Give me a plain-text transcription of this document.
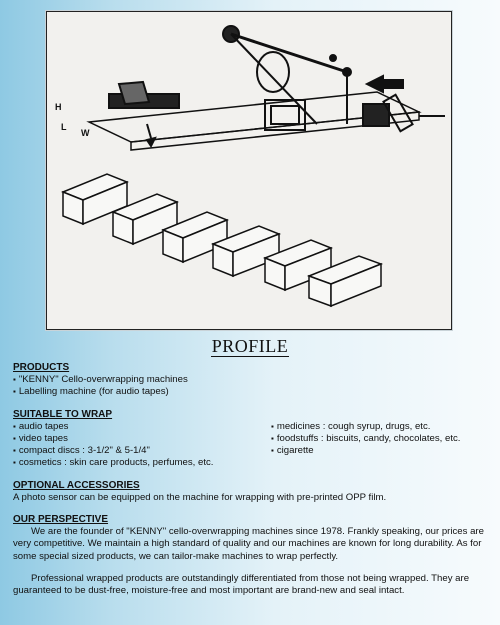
H
L
W
PROFILE

PRODUCTS

▪ "KENNY" Cello-overwrapping machines
▪ Labelling machine (for audio tapes)

SUITABLE TO WRAP

▪ audio tapes
▪ video tapes
▪ compact discs : 3-1/2" & 5-1/4"
▪ cosmetics : skin care products, perfumes, etc.
▪ medicines : cough syrup, drugs, etc.
▪ foodstuffs : biscuits, candy, chocolates, etc.
▪ cigarette

OPTIONAL ACCESSORIES

A photo sensor can be equipped on the machine for wrapping with pre-printed OPP film.

OUR PERSPECTIVE

We are the founder of "KENNY" cello-overwrapping machines since 1978. Frankly speaking, our prices are very competitive. We maintain a high standard of quality and our machines are known for long durability. As for some special sized products, we can tailor-make machines to wrap perfectly.

Professional wrapped products are outstandingly differentiated from those not being wrapped. They are guaranteed to be dust-free, moisture-free and most important are brand-new and seal intact.
